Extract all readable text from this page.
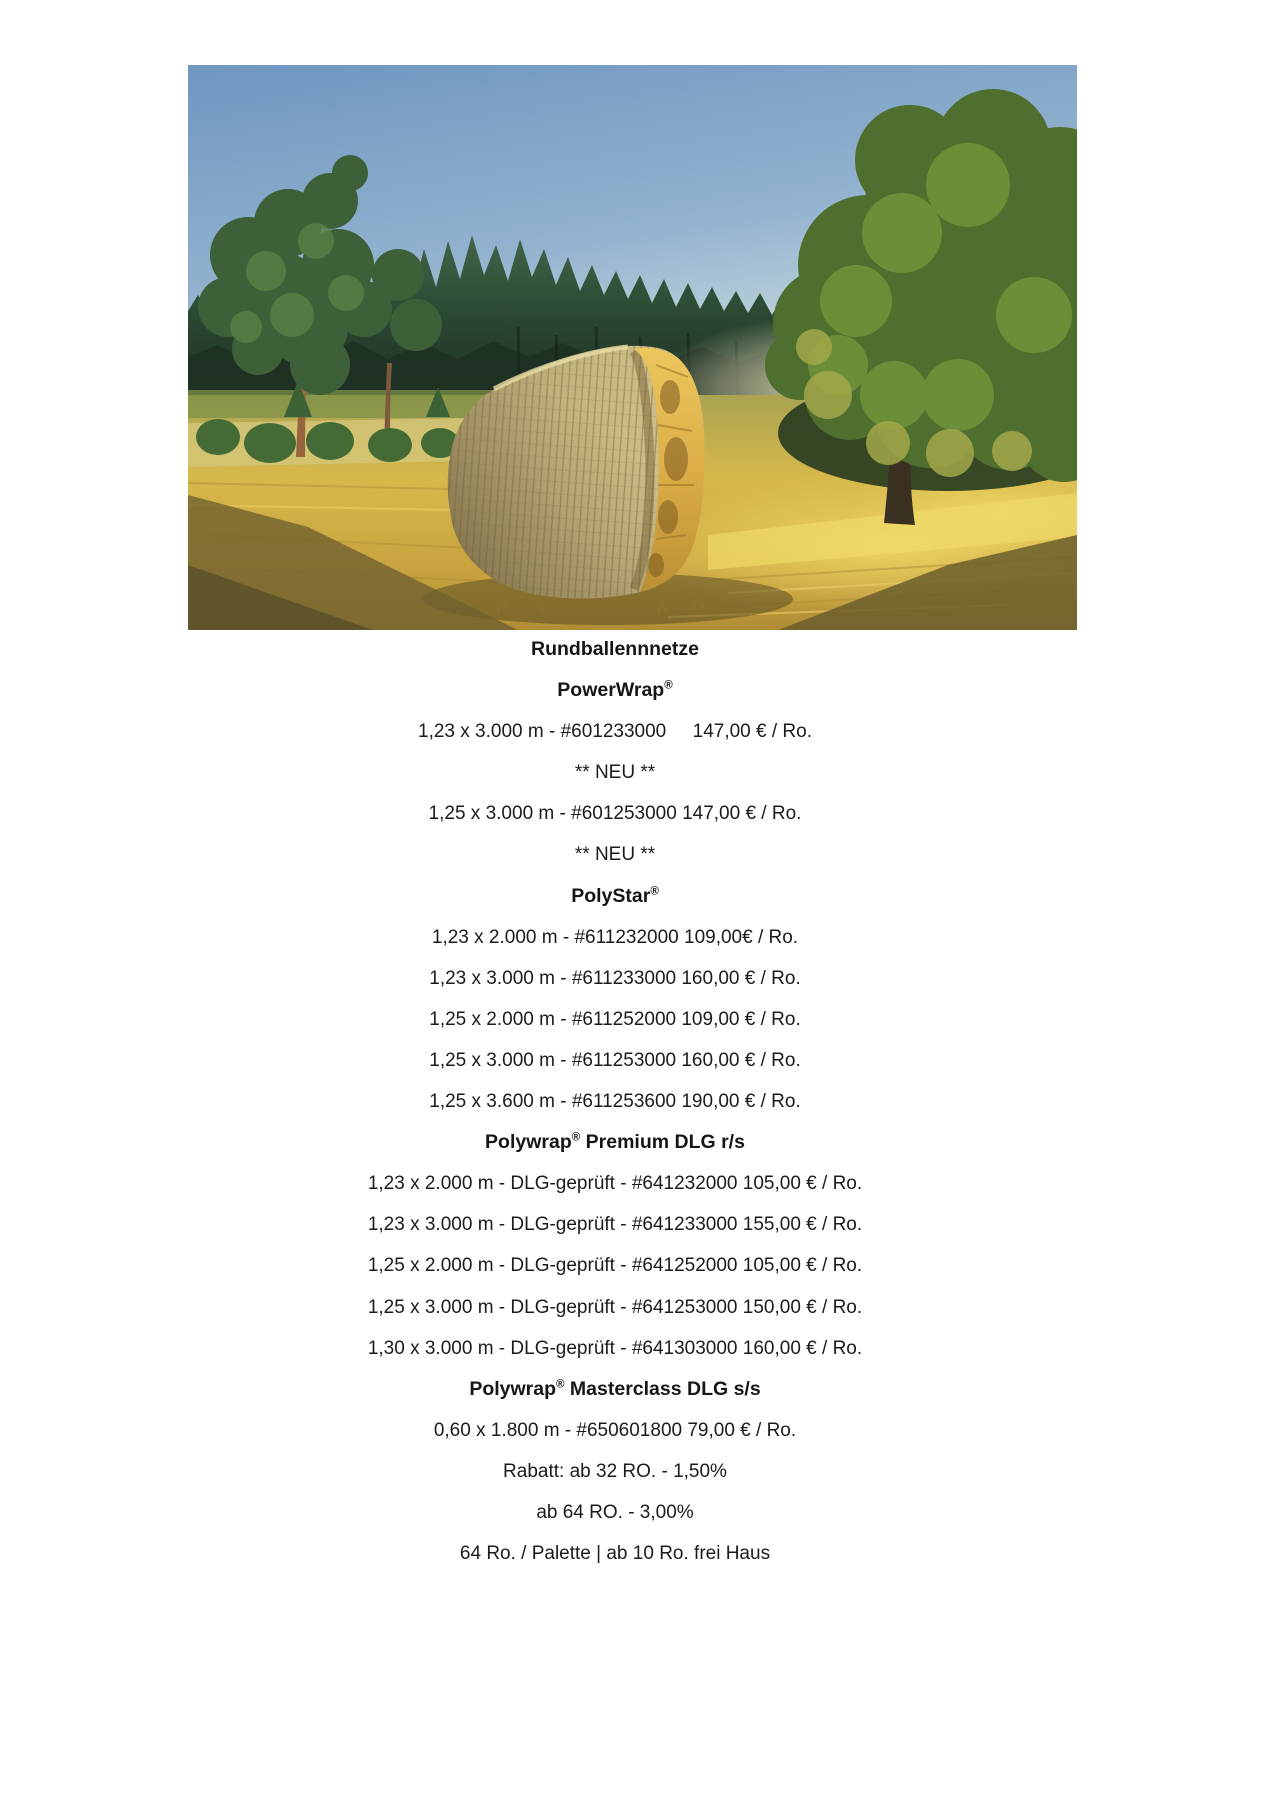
Rundballennnetze
PowerWrap®
1,23 x 3.000 m - #601233000     147,00 € / Ro.
** NEU **
1,25 x 3.000 m - #601253000 147,00 € / Ro.
** NEU **
PolyStar®
1,23 x 2.000 m - #611232000 109,00€ / Ro.
1,23 x 3.000 m - #611233000 160,00 € / Ro.
1,25 x 2.000 m - #611252000 109,00 € / Ro.
1,25 x 3.000 m - #611253000 160,00 € / Ro.
1,25 x 3.600 m - #611253600 190,00 € / Ro.
Polywrap® Premium DLG r/s
1,23 x 2.000 m - DLG-geprüft - #641232000 105,00 € / Ro.
1,23 x 3.000 m - DLG-geprüft - #641233000 155,00 € / Ro.
1,25 x 2.000 m - DLG-geprüft - #641252000 105,00 € / Ro.
1,25 x 3.000 m - DLG-geprüft - #641253000 150,00 € / Ro.
1,30 x 3.000 m - DLG-geprüft - #641303000 160,00 € / Ro.
Polywrap® Masterclass DLG s/s
0,60 x 1.800 m - #650601800 79,00 € / Ro.
Rabatt: ab 32 RO. - 1,50%
ab 64 RO. - 3,00%
64 Ro. / Palette | ab 10 Ro. frei Haus
